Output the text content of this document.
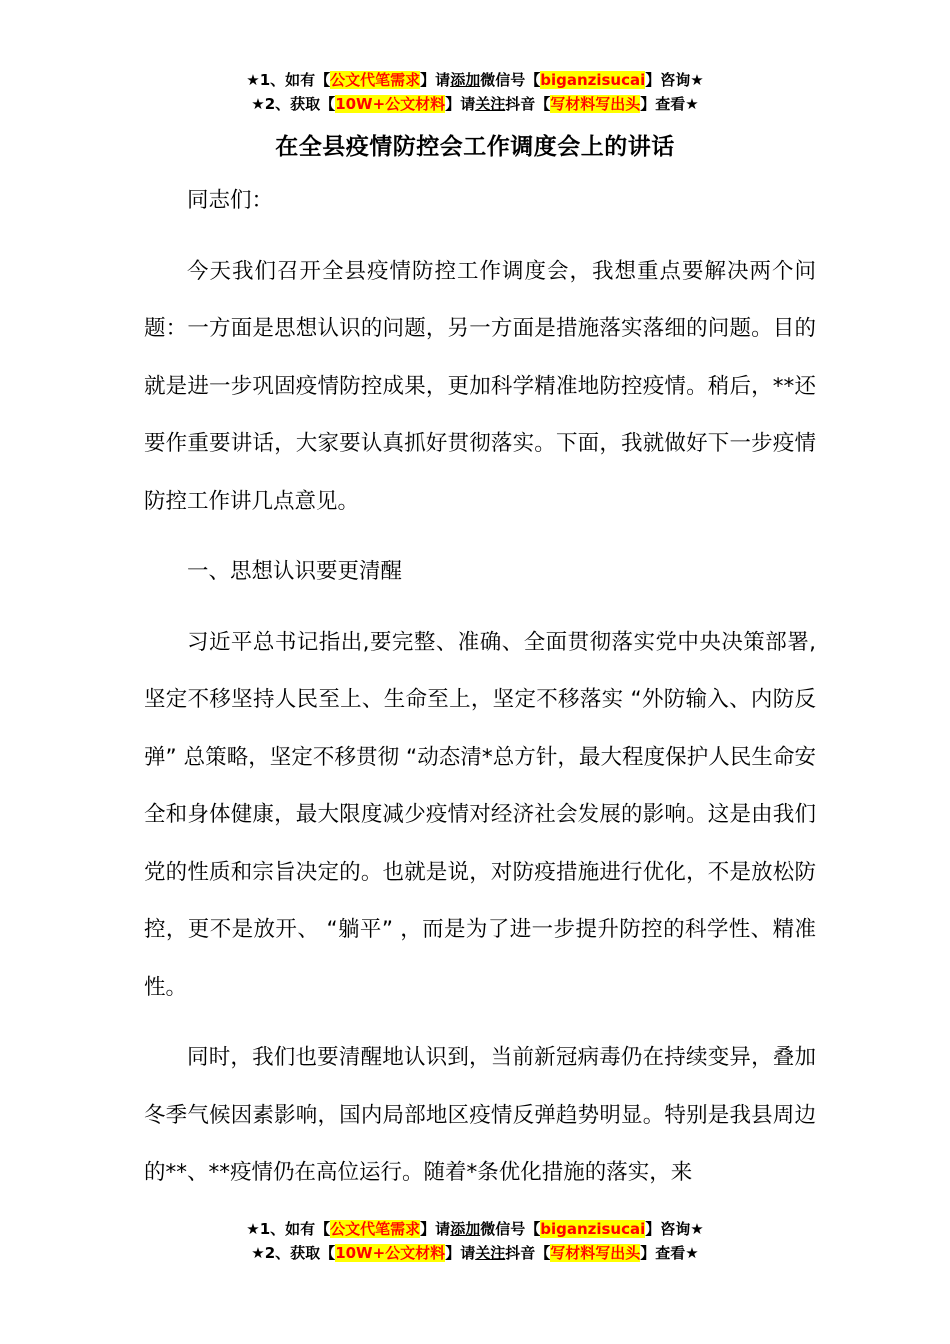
★1、如有【公文代笔需求】请添加微信号【biganzisucai】咨询★
★2、获取【10W+公文材料】请关注抖音【写材料写出头】查看★
在全县疫情防控会工作调度会上的讲话

同志们：

今天我们召开全县疫情防控工作调度会，我想重点要解决两个问题：一方面是思想认识的问题，另一方面是措施落实落细的问题。目的就是进一步巩固疫情防控成果，更加科学精准地防控疫情。稍后，**还要作重要讲话，大家要认真抓好贯彻落实。下面，我就做好下一步疫情防控工作讲几点意见。

一、思想认识要更清醒

习近平总书记指出,要完整、准确、全面贯彻落实党中央决策部署,坚定不移坚持人民至上、生命至上，坚定不移落实 “外防输入、内防反弹” 总策略，坚定不移贯彻 “动态清*总方针，最大程度保护人民生命安全和身体健康，最大限度减少疫情对经济社会发展的影响。这是由我们党的性质和宗旨决定的。也就是说，对防疫措施进行优化，不是放松防控，更不是放开、 “躺平” ，而是为了进一步提升防控的科学性、精准性。

同时，我们也要清醒地认识到，当前新冠病毒仍在持续变异，叠加冬季气候因素影响，国内局部地区疫情反弹趋势明显。特别是我县周边的**、**疫情仍在高位运行。随着*条优化措施的落实，来

★1、如有【公文代笔需求】请添加微信号【biganzisucai】咨询★
★2、获取【10W+公文材料】请关注抖音【写材料写出头】查看★
